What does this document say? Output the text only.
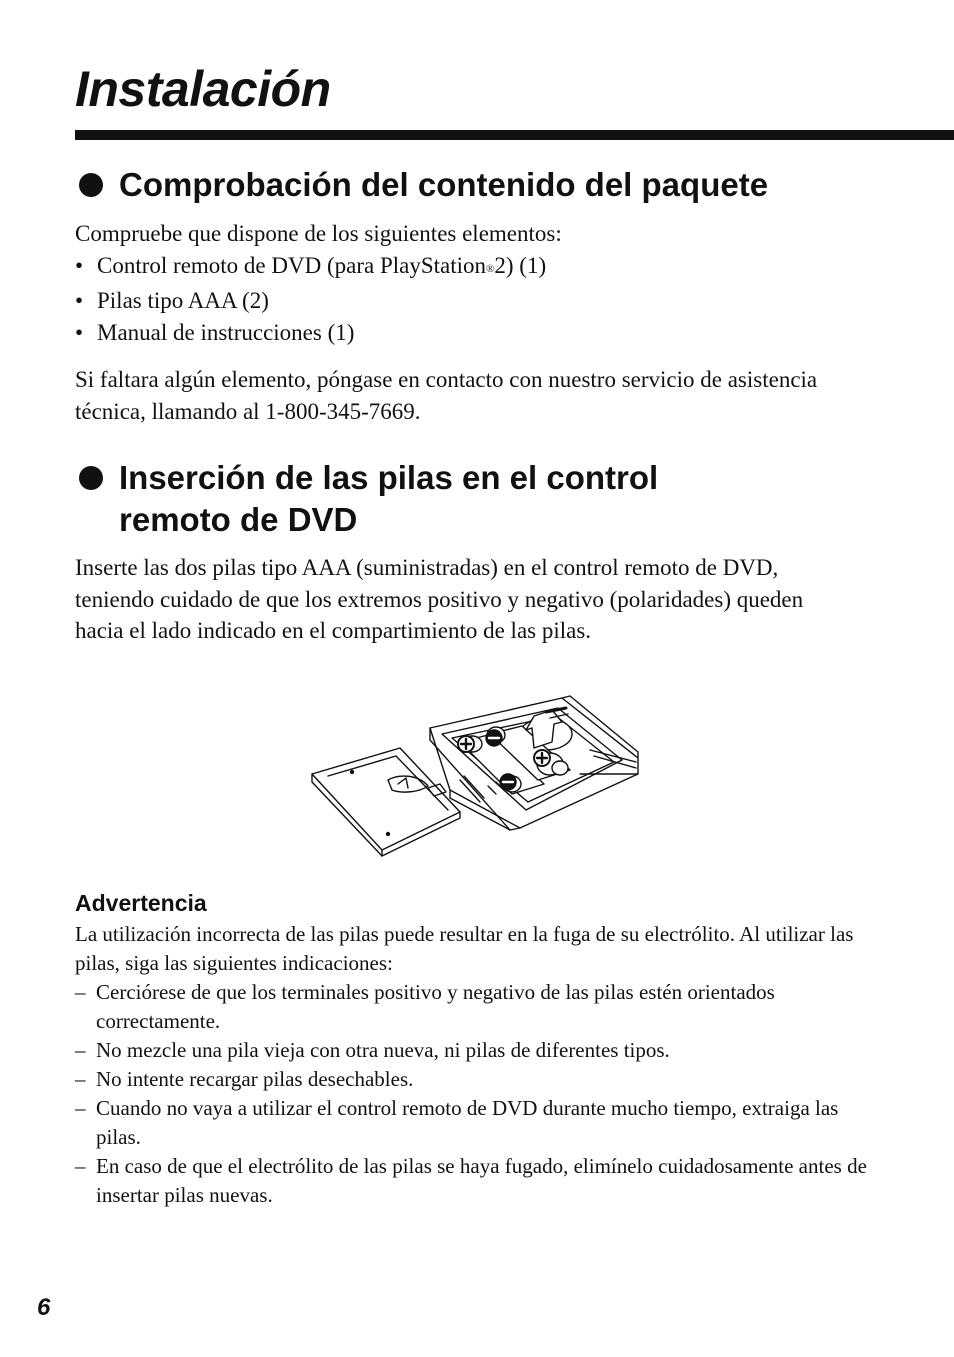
Instalación
Comprobación del contenido del paquete

Compruebe que dispone de los siguientes elementos:

• Control remoto de DVD (para PlayStation®2) (1)
• Pilas tipo AAA (2)
• Manual de instrucciones (1)

Si faltara algún elemento, póngase en contacto con nuestro servicio de asistencia técnica, llamando al 1-800-345-7669.

Inserción de las pilas en el control
remoto de DVD

Inserte las dos pilas tipo AAA (suministradas) en el control remoto de DVD, teniendo cuidado de que los extremos positivo y negativo (polaridades) queden hacia el lado indicado en el compartimiento de las pilas.

Advertencia

La utilización incorrecta de las pilas puede resultar en la fuga de su electrólito. Al utilizar las pilas, siga las siguientes indicaciones:

– Cerciórese de que los terminales positivo y negativo de las pilas estén orientados correctamente.
– No mezcle una pila vieja con otra nueva, ni pilas de diferentes tipos.
– No intente recargar pilas desechables.
– Cuando no vaya a utilizar el control remoto de DVD durante mucho tiempo, extraiga las pilas.
– En caso de que el electrólito de las pilas se haya fugado, elimínelo cuidadosamente antes de insertar pilas nuevas.
6
